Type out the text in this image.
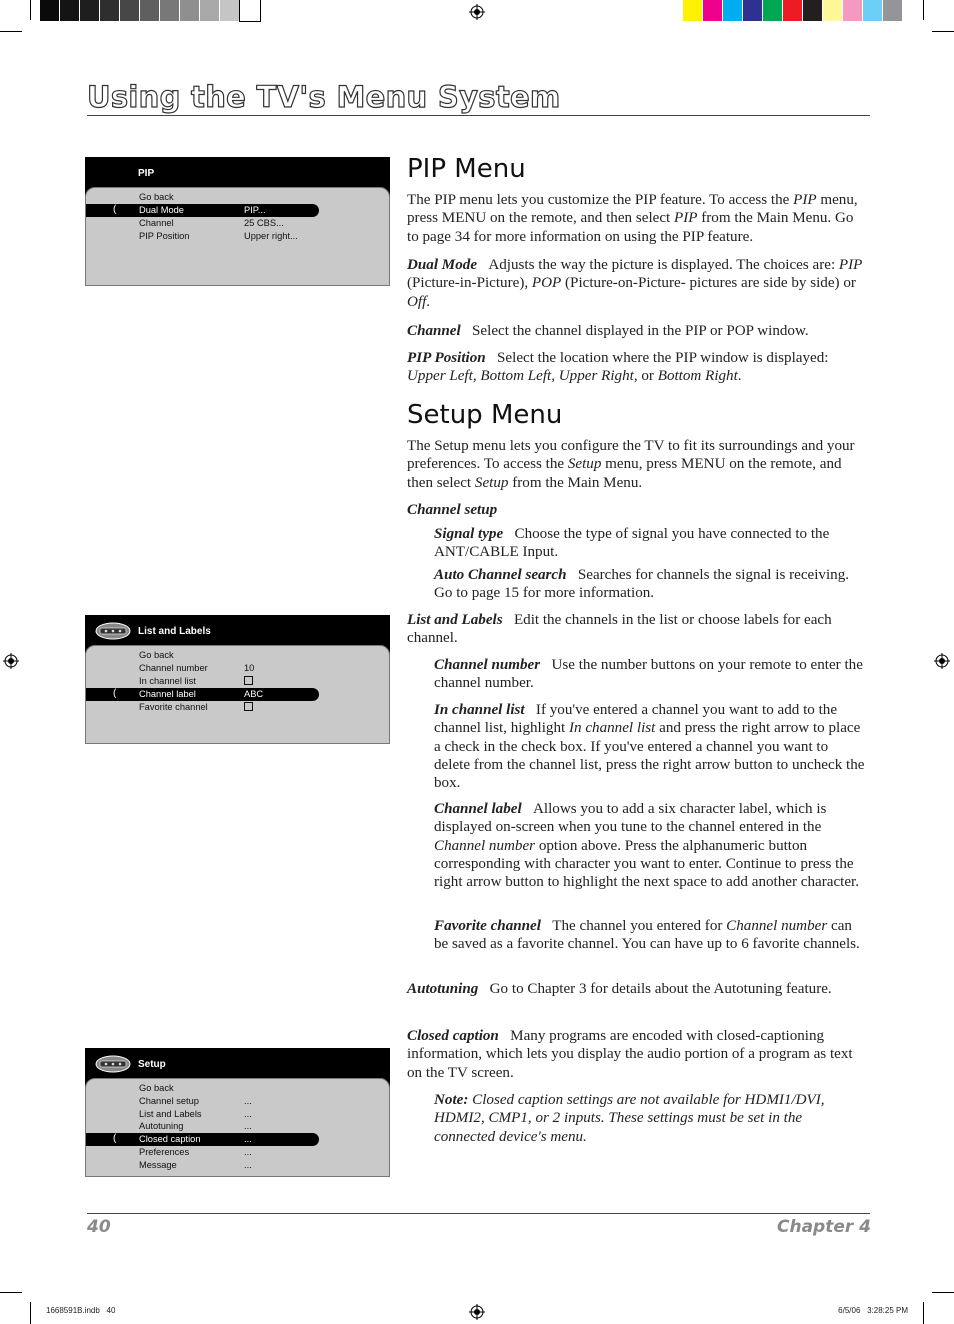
Using the TV's Menu System
PIP
Go back
( Dual Mode	PIP...
Channel	25 CBS...
PIP Position	Upper right...
List and Labels
Go back
Channel number	10
In channel list
( Channel label	ABC
Favorite channel
Setup
Go back
Channel setup	...
List and Labels	...
Autotuning	...
( Closed caption	...
Preferences	...
Message	...
PIP Menu

The PIP menu lets you customize the PIP feature. To access the PIP menu, press MENU on the remote, and then select PIP from the Main Menu. Go to page 34 for more information on using the PIP feature.

Dual Mode Adjusts the way the picture is displayed. The choices are: PIP (Picture-in-Picture), POP (Picture-on-Picture- pictures are side by side) or Off.

Channel Select the channel displayed in the PIP or POP window.

PIP Position Select the location where the PIP window is displayed: Upper Left, Bottom Left, Upper Right, or Bottom Right.

Setup Menu

The Setup menu lets you configure the TV to fit its surroundings and your preferences. To access the Setup menu, press MENU on the remote, and then select Setup from the Main Menu.

Channel setup

Signal type Choose the type of signal you have connected to the ANT/CABLE Input.

Auto Channel search Searches for channels the signal is receiving. Go to page 15 for more information.

List and Labels Edit the channels in the list or choose labels for each channel.

Channel number Use the number buttons on your remote to enter the channel number.

In channel list If you've entered a channel you want to add to the channel list, highlight In channel list and press the right arrow to place a check in the check box. If you've entered a channel you want to delete from the channel list, press the right arrow button to uncheck the box.

Channel label Allows you to add a six character label, which is displayed on-screen when you tune to the channel entered in the Channel number option above. Press the alphanumeric button corresponding with character you want to enter. Continue to press the right arrow button to highlight the next space to add another character.

Favorite channel The channel you entered for Channel number can be saved as a favorite channel. You can have up to 6 favorite channels.

Autotuning Go to Chapter 3 for details about the Autotuning feature.

Closed caption Many programs are encoded with closed-captioning information, which lets you display the audio portion of a program as text on the TV screen.

Note: Closed caption settings are not available for HDMI1/DVI, HDMI2, CMP1, or 2 inputs. These settings must be set in the connected device's menu.

40	Chapter 4
1668591B.indb   40	6/5/06   3:28:25 PM
